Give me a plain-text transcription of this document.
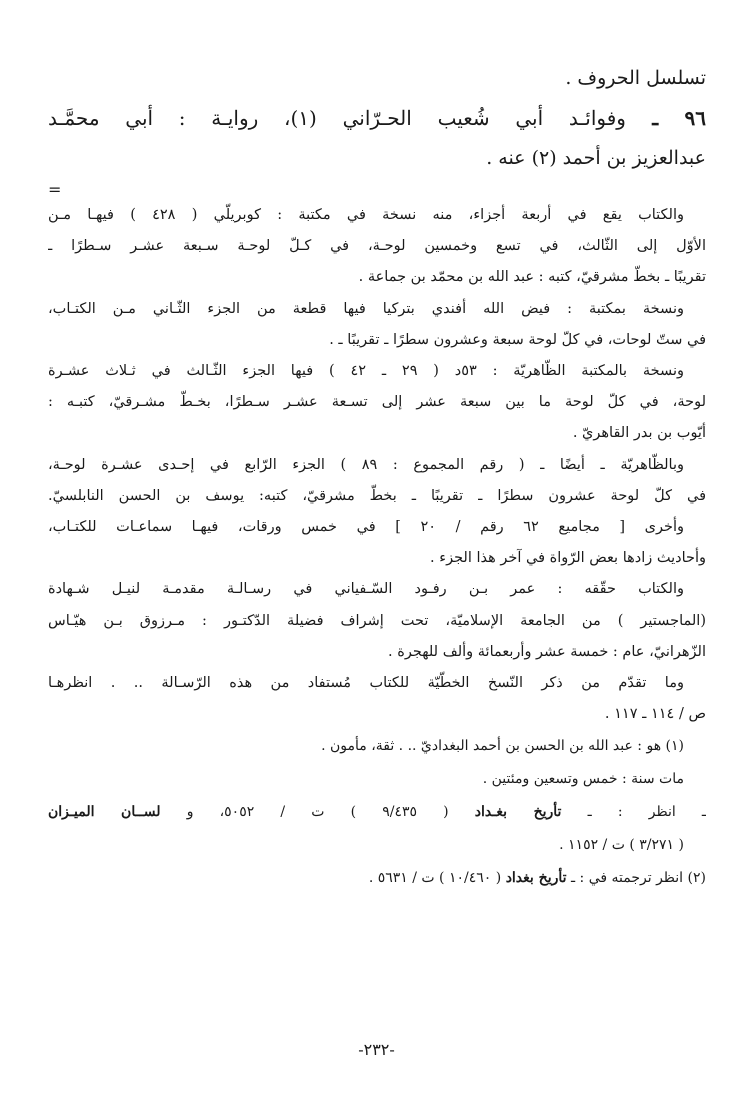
تسلسل الحروف .
٩٦ ـ وفوائـد أبي شُعيب الحـرّاني (١)، روايـة : أبي محمَّـد
عبدالعزيز بن أحمد (٢) عنه .
=
والكتاب يقع في أربعة أجزاء، منه نسخة في مكتبة : كوبريلّي ( ٤٢٨ ) فيهـا مـن
الأوّل إلى الثّالث، في تسع وخمسين لوحـة، في كـلّ لوحـة سـبعة عشـر سـطرًا ـ
تقريبًا ـ بخطّ مشرقيّ، كتبه : عبد الله بن محمّد بن جماعة .
ونسخة بمكتبة : فيض الله أفندي بتركيا فيها قطعة من الجزء الثّـاني مـن الكتـاب،
في ستّ لوحات، في كلّ لوحة سبعة وعشرون سطرًا ـ تقريبًا ـ .
ونسخة بالمكتبة الظّاهريّة : ٥٣د ( ٢٩ ـ ٤٢ ) فيها الجزء الثّـالث في ثـلاث عشـرة
لوحة، في كلّ لوحة ما بين سبعة عشر إلى تسـعة عشـر سـطرًا، بخـطّ مشـرقيّ، كتبـه :
أيّوب بن بدر القاهريّ .
وبالظّاهريّة ـ أيضًا ـ ( رقم المجموع : ٨٩ ) الجزء الرّابع في إحـدى عشـرة لوحـة،
في كلّ لوحة عشرون سطرًا ـ تقريبًا ـ بخطّ مشرقيّ، كتبه: يوسف بن الحسن النابلسيّ.
وأخرى [ مجاميع ٦٢ رقم / ٢٠ ] في خمس ورقات، فيهـا سماعـات للكتـاب،
وأحاديث زادها بعض الرّواة في آخر هذا الجزء .
والكتاب حقّقه : عمر بـن رفـود السّـفياني في رسـالـة مقدمـة لنيـل شـهادة
(الماجستير ) من الجامعة الإسلاميّة، تحت إشراف فضيلة الدّكتـور : مـرزوق بـن هيّـاس
الزّهرانيّ، عام : خمسة عشر وأربعمائة وألف للهجرة .
وما تقدّم من ذكر النّسخ الخطّيّة للكتاب مُستفاد من هذه الرّسـالة .. . انظرهـا
ص / ١١٤ ـ ١١٧ .
(١) هو : عبد الله بن الحسن بن أحمد البغداديّ .. . ثقة، مأمون .
مات سنة : خمس وتسعين ومئتين .
ـ انظر : ـ تأريخ بغـداد ( ٩/٤٣٥ ) ت / ٥٠٥٢، و لســان الميـزان
( ٣/٢٧١ ) ت / ١١٥٢ .
(٢) انظر ترجمته في : ـ تأريخ بغداد ( ١٠/٤٦٠ ) ت / ٥٦٣١ .
-٢٣٢-
